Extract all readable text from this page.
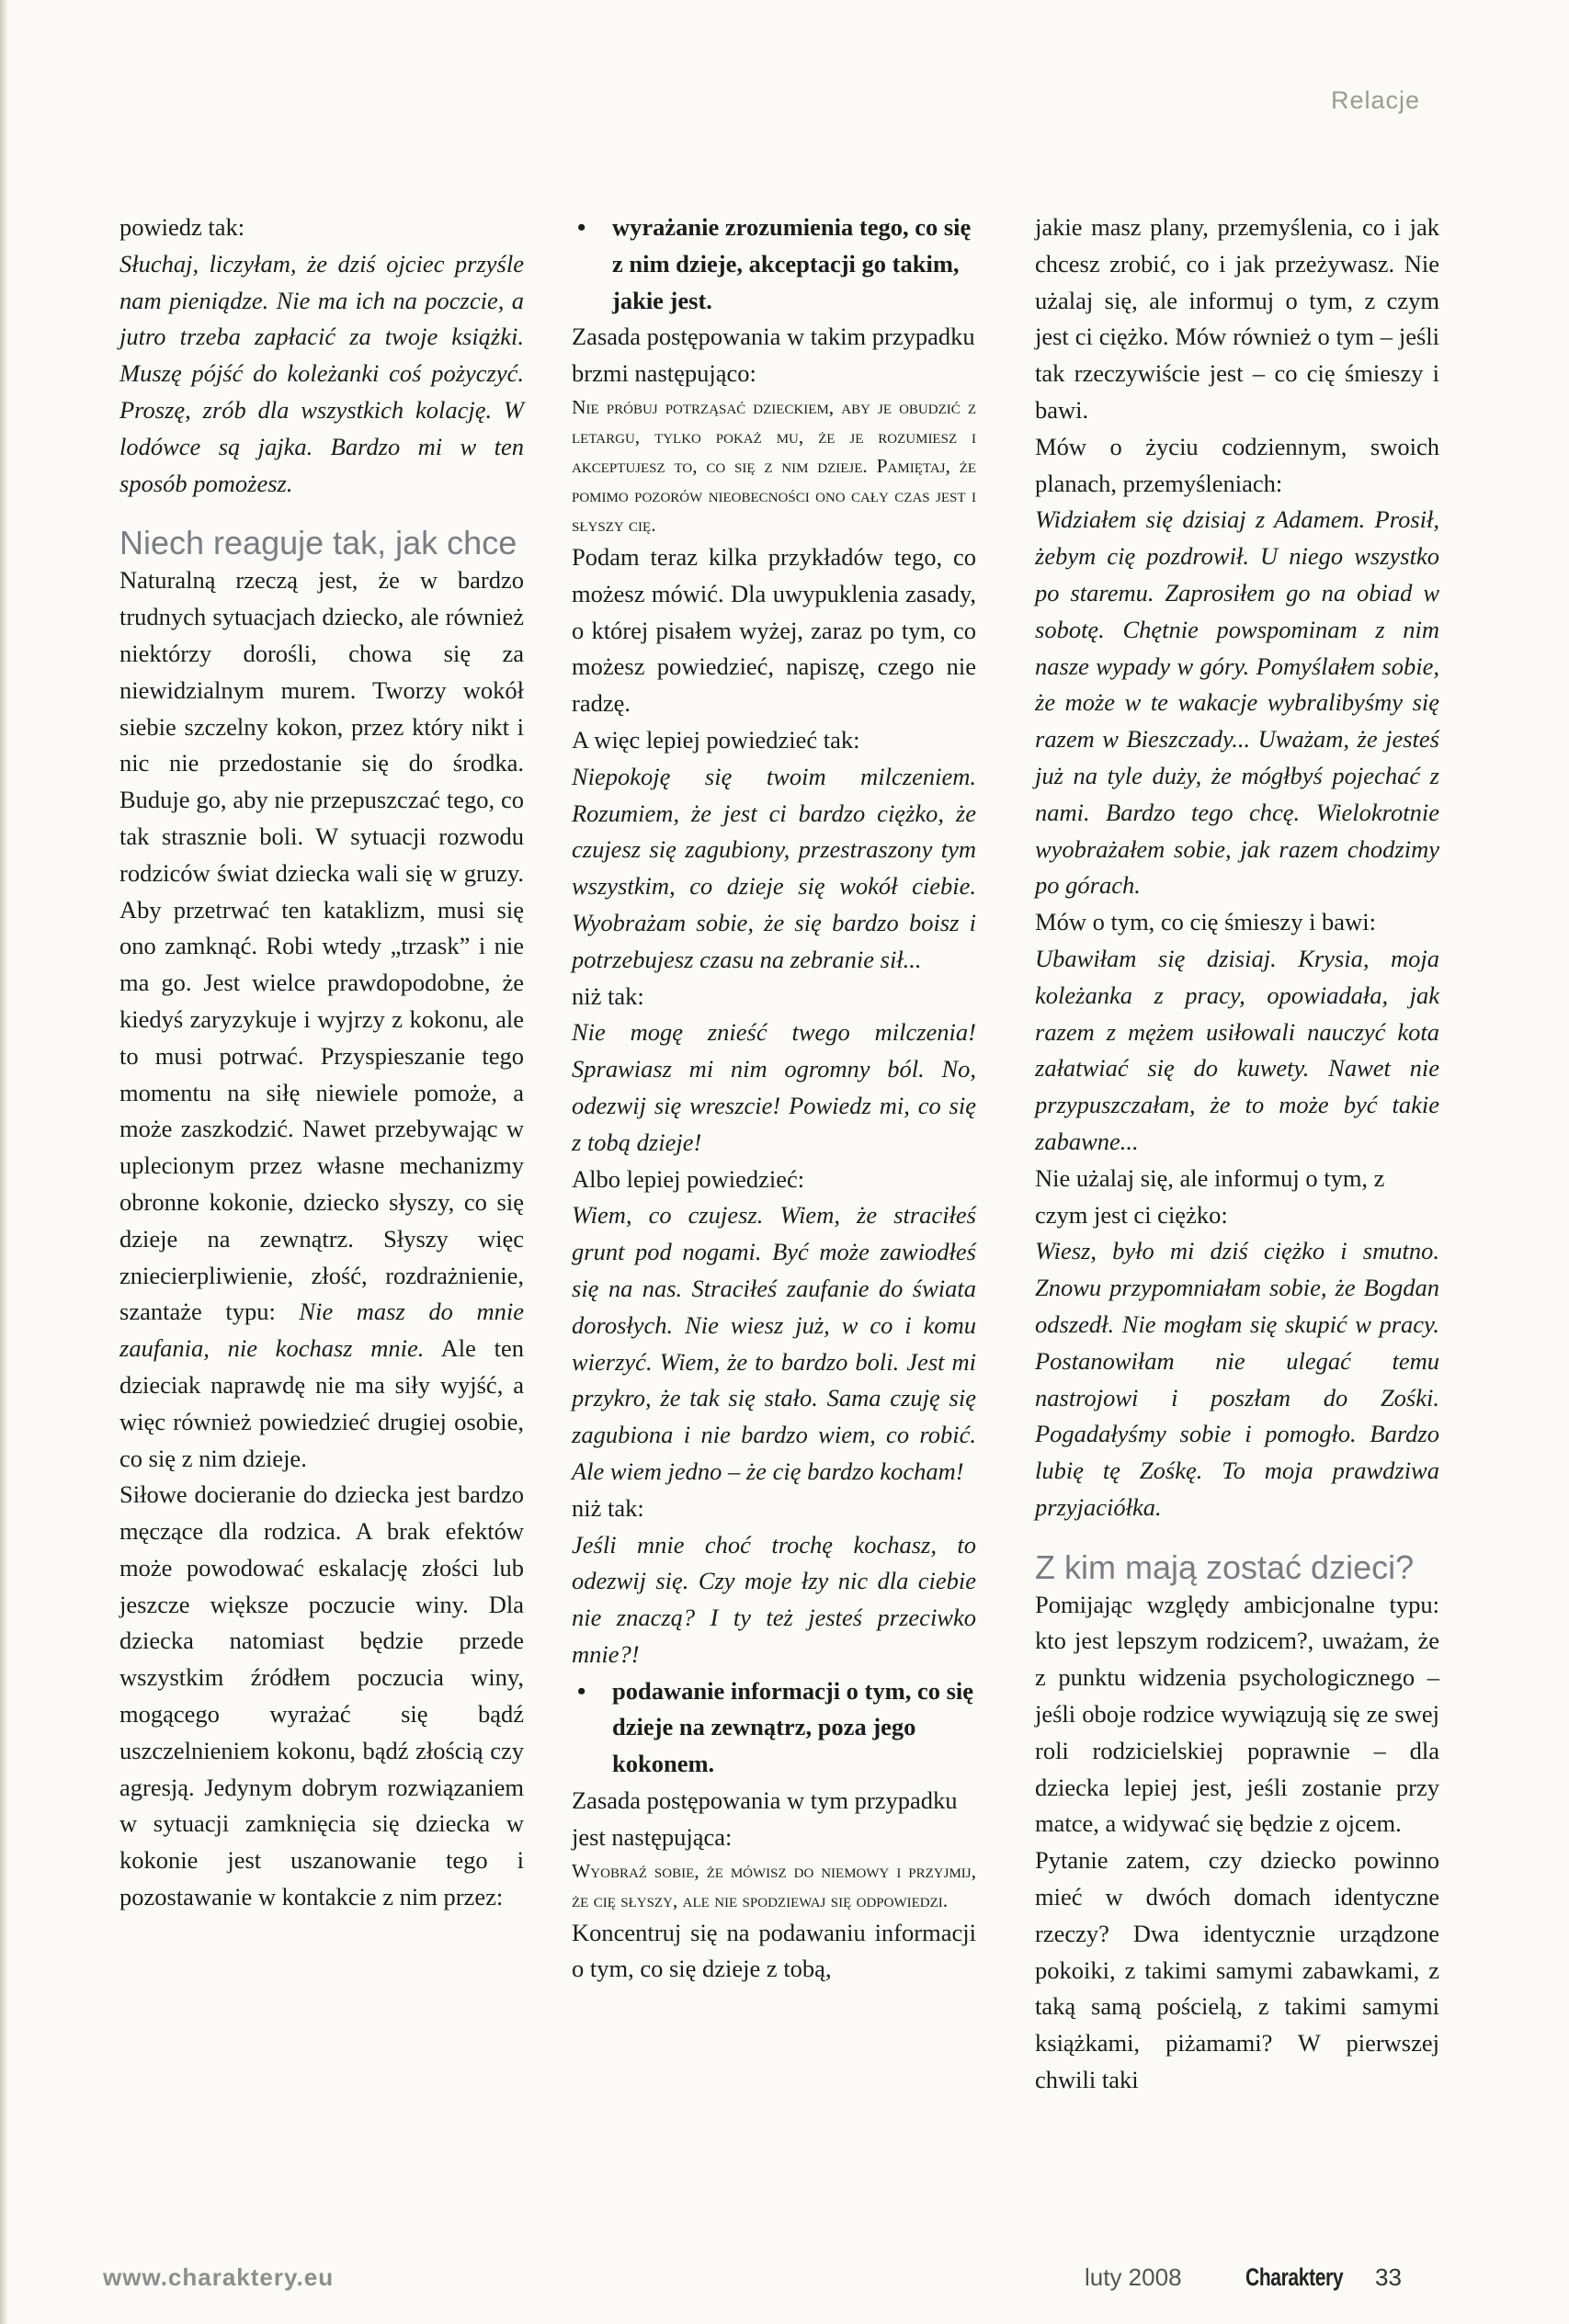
Relacje

powiedz tak:

Słuchaj, liczyłam, że dziś ojciec przyśle nam pieniądze. Nie ma ich na poczcie, a jutro trzeba zapłacić za twoje książki. Muszę pójść do koleżanki coś pożyczyć. Proszę, zrób dla wszystkich kolację. W lodówce są jajka. Bardzo mi w ten sposób pomożesz.

Niech reaguje tak, jak chce

Naturalną rzeczą jest, że w bardzo trudnych sytuacjach dziecko, ale również niektórzy dorośli, chowa się za niewidzialnym murem. Tworzy wokół siebie szczelny kokon, przez który nikt i nic nie przedostanie się do środka. Buduje go, aby nie przepuszczać tego, co tak strasznie boli. W sytuacji rozwodu rodziców świat dziecka wali się w gruzy. Aby przetrwać ten kataklizm, musi się ono zamknąć. Robi wtedy „trzask” i nie ma go. Jest wielce prawdopodobne, że kiedyś zaryzykuje i wyjrzy z kokonu, ale to musi potrwać. Przyspieszanie tego momentu na siłę niewiele pomoże, a może zaszkodzić. Nawet przebywając w uplecionym przez własne mechanizmy obronne kokonie, dziecko słyszy, co się dzieje na zewnątrz. Słyszy więc zniecierpliwienie, złość, rozdrażnienie, szantaże typu: Nie masz do mnie zaufania, nie kochasz mnie. Ale ten dzieciak naprawdę nie ma siły wyjść, a więc również powiedzieć drugiej osobie, co się z nim dzieje.

Siłowe docieranie do dziecka jest bardzo męczące dla rodzica. A brak efektów może powodować eskalację złości lub jeszcze większe poczucie winy. Dla dziecka natomiast będzie przede wszystkim źródłem poczucia winy, mogącego wyrażać się bądź uszczelnieniem kokonu, bądź złością czy agresją. Jedynym dobrym rozwiązaniem w sytuacji zamknięcia się dziecka w kokonie jest uszanowanie tego i pozostawanie w kontakcie z nim przez:

• wyrażanie zrozumienia tego, co się z nim dzieje, akceptacji go takim, jakie jest.

Zasada postępowania w takim przypadku brzmi następująco:

Nie próbuj potrząsać dzieckiem, aby je obudzić z letargu, tylko pokaż mu, że je rozumiesz i akceptujesz to, co się z nim dzieje. Pamiętaj, że pomimo pozorów nieobecności ono cały czas jest i słyszy cię.

Podam teraz kilka przykładów tego, co możesz mówić. Dla uwypuklenia zasady, o której pisałem wyżej, zaraz po tym, co możesz powiedzieć, napiszę, czego nie radzę.

A więc lepiej powiedzieć tak:

Niepokoję się twoim milczeniem. Rozumiem, że jest ci bardzo ciężko, że czujesz się zagubiony, przestraszony tym wszystkim, co dzieje się wokół ciebie. Wyobrażam sobie, że się bardzo boisz i potrzebujesz czasu na zebranie sił...

niż tak:

Nie mogę znieść twego milczenia! Sprawiasz mi nim ogromny ból. No, odezwij się wreszcie! Powiedz mi, co się z tobą dzieje!

Albo lepiej powiedzieć:

Wiem, co czujesz. Wiem, że straciłeś grunt pod nogami. Być może zawiodłeś się na nas. Straciłeś zaufanie do świata dorosłych. Nie wiesz już, w co i komu wierzyć. Wiem, że to bardzo boli. Jest mi przykro, że tak się stało. Sama czuję się zagubiona i nie bardzo wiem, co robić. Ale wiem jedno – że cię bardzo kocham!

niż tak:

Jeśli mnie choć trochę kochasz, to odezwij się. Czy moje łzy nic dla ciebie nie znaczą? I ty też jesteś przeciwko mnie?!

• podawanie informacji o tym, co się dzieje na zewnątrz, poza jego kokonem.

Zasada postępowania w tym przypadku jest następująca:

Wyobraź sobie, że mówisz do niemowy i przyjmij, że cię słyszy, ale nie spodziewaj się odpowiedzi.

Koncentruj się na podawaniu informacji o tym, co się dzieje z tobą,

jakie masz plany, przemyślenia, co i jak chcesz zrobić, co i jak przeżywasz. Nie użalaj się, ale informuj o tym, z czym jest ci ciężko. Mów również o tym – jeśli tak rzeczywiście jest – co cię śmieszy i bawi.

Mów o życiu codziennym, swoich planach, przemyśleniach:

Widziałem się dzisiaj z Adamem. Prosił, żebym cię pozdrowił. U niego wszystko po staremu. Zaprosiłem go na obiad w sobotę. Chętnie powspominam z nim nasze wypady w góry. Pomyślałem sobie, że może w te wakacje wybralibyśmy się razem w Bieszczady... Uważam, że jesteś już na tyle duży, że mógłbyś pojechać z nami. Bardzo tego chcę. Wielokrotnie wyobrażałem sobie, jak razem chodzimy po górach.

Mów o tym, co cię śmieszy i bawi:

Ubawiłam się dzisiaj. Krysia, moja koleżanka z pracy, opowiadała, jak razem z mężem usiłowali nauczyć kota załatwiać się do kuwety. Nawet nie przypuszczałam, że to może być takie zabawne...

Nie użalaj się, ale informuj o tym, z czym jest ci ciężko:

Wiesz, było mi dziś ciężko i smutno. Znowu przypomniałam sobie, że Bogdan odszedł. Nie mogłam się skupić w pracy. Postanowiłam nie ulegać temu nastrojowi i poszłam do Zośki. Pogadałyśmy sobie i pomogło. Bardzo lubię tę Zośkę. To moja prawdziwa przyjaciółka.

Z kim mają zostać dzieci?

Pomijając względy ambicjonalne typu: kto jest lepszym rodzicem?, uważam, że z punktu widzenia psychologicznego – jeśli oboje rodzice wywiązują się ze swej roli rodzicielskiej poprawnie – dla dziecka lepiej jest, jeśli zostanie przy matce, a widywać się będzie z ojcem.

Pytanie zatem, czy dziecko powinno mieć w dwóch domach identyczne rzeczy? Dwa identycznie urządzone pokoiki, z takimi samymi zabawkami, z taką samą pościelą, z takimi samymi książkami, piżamami? W pierwszej chwili taki

www.charaktery.eu	luty 2008	Charaktery 33
